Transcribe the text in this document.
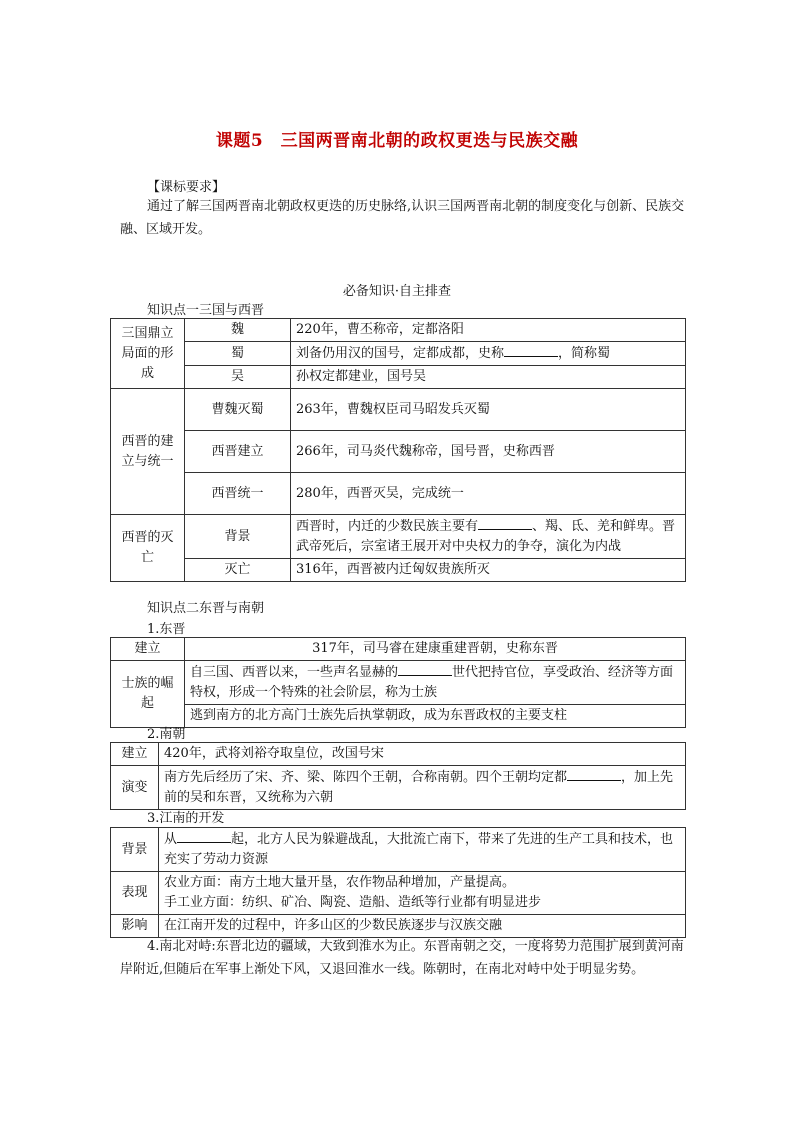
课题5　三国两晋南北朝的政权更迭与民族交融
【课标要求】
通过了解三国两晋南北朝政权更迭的历史脉络,认识三国两晋南北朝的制度变化与创新、民族交融、区域开发。
必备知识·自主排查
知识点一三国与西晋
三国鼎立局面的形成	魏	220年，曹丕称帝，定都洛阳
	蜀	刘备仍用汉的国号，定都成都，史称 ，简称蜀
	吴	孙权定都建业，国号吴
西晋的建立与统一	曹魏灭蜀	263年，曹魏权臣司马昭发兵灭蜀
	西晋建立	266年，司马炎代魏称帝，国号晋，史称西晋
	西晋统一	280年，西晋灭吴，完成统一
西晋的灭亡	背景	西晋时，内迁的少数民族主要有 、羯、氐、羌和鲜卑。晋武帝死后，宗室诸王展开对中央权力的争夺，演化为内战
	灭亡	316年，西晋被内迁匈奴贵族所灭
知识点二东晋与南朝
1.东晋
建立	317年，司马睿在建康重建晋朝，史称东晋
士族的崛起	自三国、西晋以来，一些声名显赫的 世代把持官位，享受政治、经济等方面特权，形成一个特殊的社会阶层，称为士族
	逃到南方的北方高门士族先后执掌朝政，成为东晋政权的主要支柱
2.南朝
建立	420年，武将刘裕夺取皇位，改国号宋
演变	南方先后经历了宋、齐、梁、陈四个王朝，合称南朝。四个王朝均定都 ，加上先前的吴和东晋，又统称为六朝
3.江南的开发
背景	从 起，北方人民为躲避战乱，大批流亡南下，带来了先进的生产工具和技术，也充实了劳动力资源
表现	农业方面：南方土地大量开垦，农作物品种增加，产量提高。
手工业方面：纺织、矿冶、陶瓷、造船、造纸等行业都有明显进步

影响	在江南开发的过程中，许多山区的少数民族逐步与汉族交融
4.南北对峙:东晋北边的疆域，大致到淮水为止。东晋南朝之交，一度将势力范围扩展到黄河南岸附近,但随后在军事上渐处下风，又退回淮水一线。陈朝时，在南北对峙中处于明显劣势。
